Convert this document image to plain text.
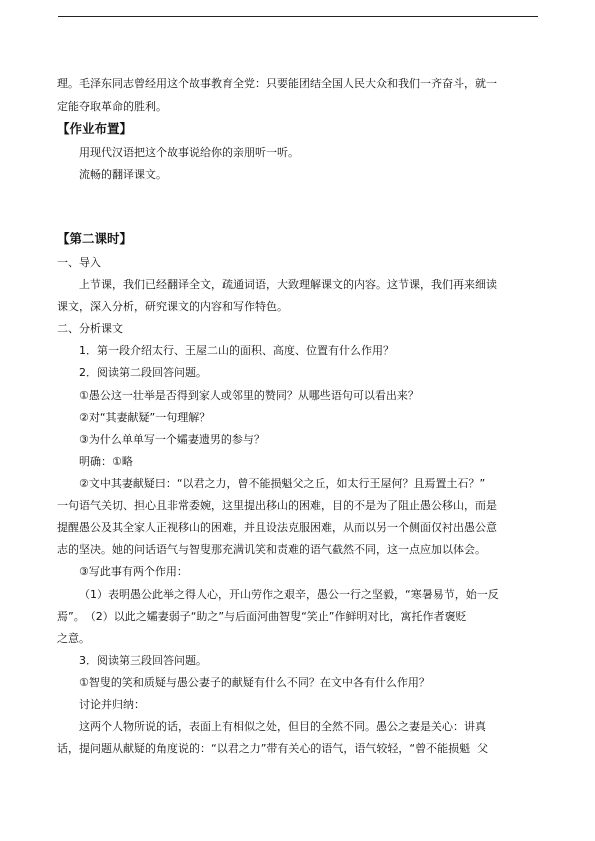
理。毛泽东同志曾经用这个故事教育全党：只要能团结全国人民大众和我们一齐奋斗，就一
定能夺取革命的胜利。
【作业布置】
用现代汉语把这个故事说给你的亲朋听一听。
流畅的翻译课文。
【第二课时】
一、导入
上节课，我们已经翻译全文，疏通词语，大致理解课文的内容。这节课，我们再来细读
课文，深入分析，研究课文的内容和写作特色。
二、分析课文
1．第一段介绍太行、王屋二山的面积、高度、位置有什么作用？
2．阅读第二段回答问题。
①愚公这一壮举是否得到家人或邻里的赞同？从哪些语句可以看出来？
②对“其妻献疑”一句理解？
③为什么单单写一个孀妻遗男的参与？
明确：①略
②文中其妻献疑曰：“以君之力，曾不能损魁父之丘，如太行王屋何？且焉置土石？”
一句语气关切、担心且非常委婉，这里提出移山的困难，目的不是为了阻止愚公移山，而是
提醒愚公及其全家人正视移山的困难，并且设法克服困难，从而以另一个侧面仅衬出愚公意
志的坚决。她的问话语气与智叟那充满讥笑和责难的语气截然不同，这一点应加以体会。
③写此事有两个作用：
（1）表明愚公此举之得人心，开山劳作之艰辛，愚公一行之坚毅，“寒暑易节，始一反
焉”。　（2）以此之孀妻弱子“助之”与后面河曲智叟“笑止”作鲜明对比，寓托作者褒贬
之意。
3．阅读第三段回答问题。
①智叟的笑和质疑与愚公妻子的献疑有什么不同？在文中各有什么作用？
讨论并归纳：
这两个人物所说的话，表面上有相似之处，但目的全然不同。愚公之妻是关心：讲真
话，提问题从献疑的角度说的：“以君之力”带有关心的语气，语气较轻，“曾不能损魁  父
